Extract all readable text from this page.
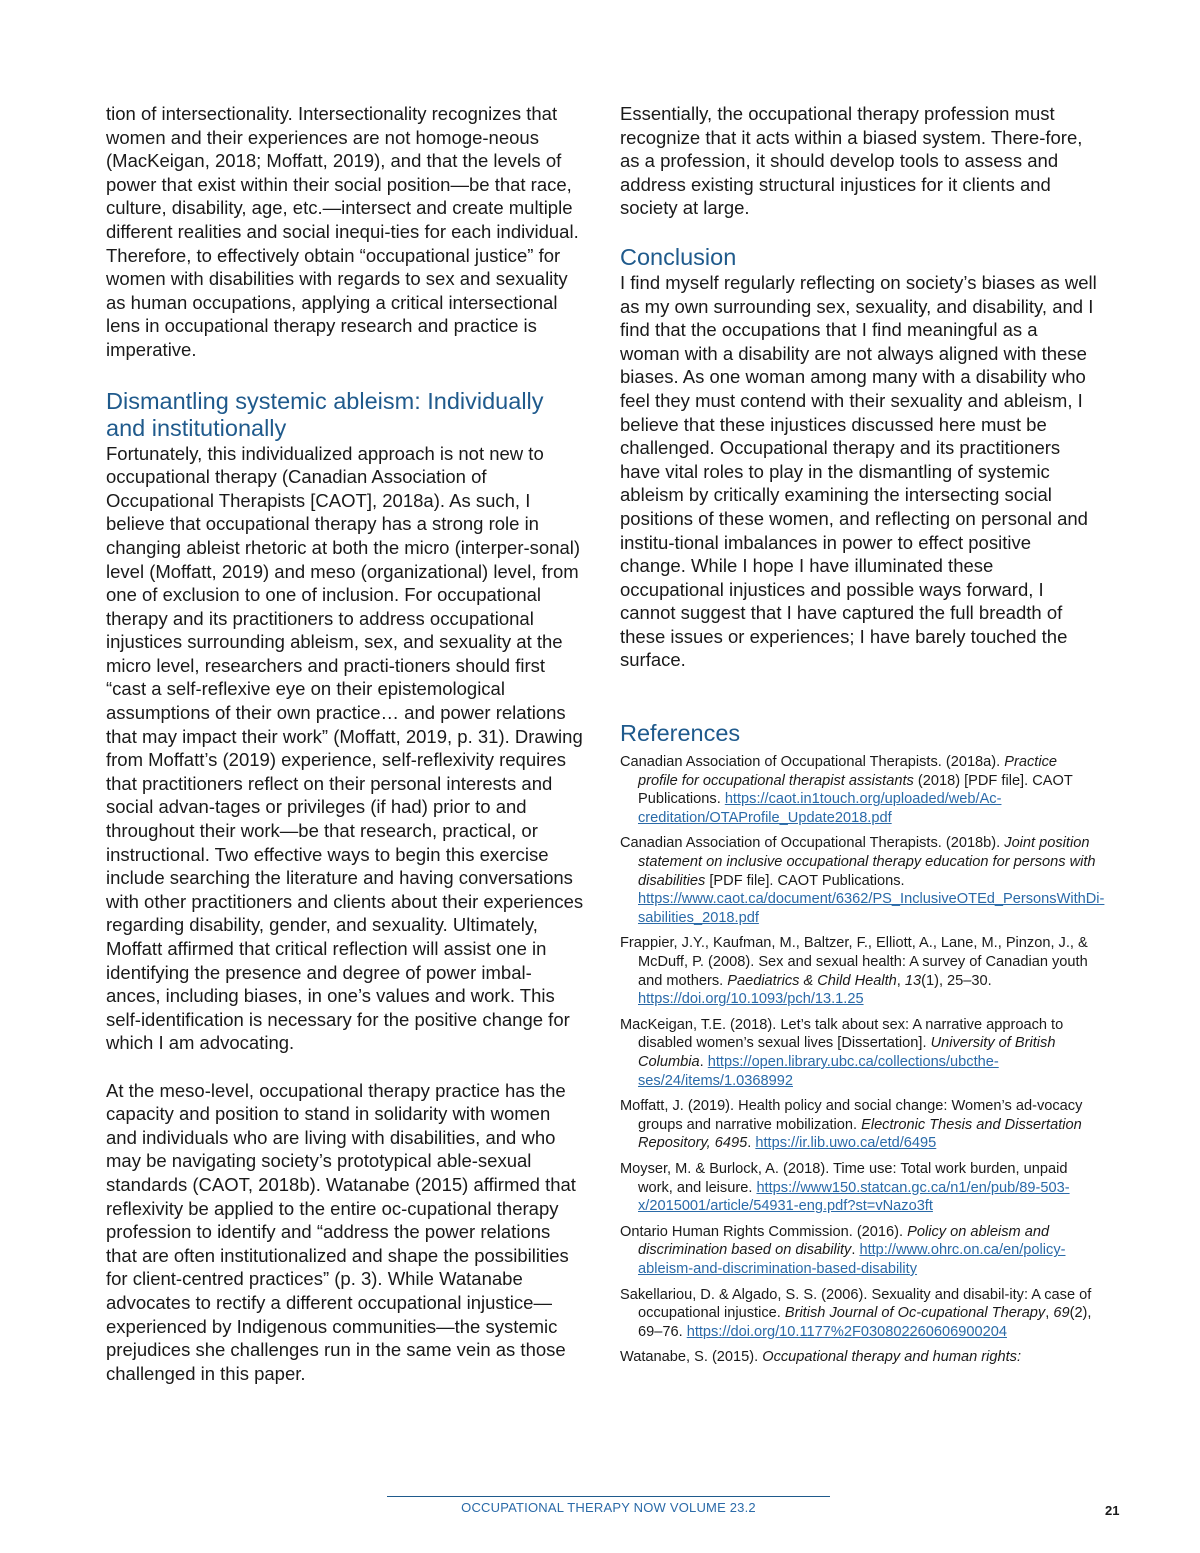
tion of intersectionality. Intersectionality recognizes that women and their experiences are not homoge-neous (MacKeigan, 2018; Moffatt, 2019), and that the levels of power that exist within their social position—be that race, culture, disability, age, etc.—intersect and create multiple different realities and social inequi-ties for each individual. Therefore, to effectively obtain “occupational justice” for women with disabilities with regards to sex and sexuality as human occupations, applying a critical intersectional lens in occupational therapy research and practice is imperative.

Dismantling systemic ableism: Individually and institutionally

Fortunately, this individualized approach is not new to occupational therapy (Canadian Association of Occupational Therapists [CAOT], 2018a). As such, I believe that occupational therapy has a strong role in changing ableist rhetoric at both the micro (interper-sonal) level (Moffatt, 2019) and meso (organizational) level, from one of exclusion to one of inclusion. For occupational therapy and its practitioners to address occupational injustices surrounding ableism, sex, and sexuality at the micro level, researchers and practi-tioners should first “cast a self-reflexive eye on their epistemological assumptions of their own practice… and power relations that may impact their work” (Moffatt, 2019, p. 31). Drawing from Moffatt’s (2019) experience, self-reflexivity requires that practitioners reflect on their personal interests and social advan-tages or privileges (if had) prior to and throughout their work—be that research, practical, or instructional. Two effective ways to begin this exercise include searching the literature and having conversations with other practitioners and clients about their experiences regarding disability, gender, and sexuality. Ultimately, Moffatt affirmed that critical reflection will assist one in identifying the presence and degree of power imbal-ances, including biases, in one’s values and work. This self-identification is necessary for the positive change for which I am advocating.

At the meso-level, occupational therapy practice has the capacity and position to stand in solidarity with women and individuals who are living with disabilities, and who may be navigating society’s prototypical able-sexual standards (CAOT, 2018b). Watanabe (2015) affirmed that reflexivity be applied to the entire oc-cupational therapy profession to identify and “address the power relations that are often institutionalized and shape the possibilities for client-centred practices” (p. 3). While Watanabe advocates to rectify a different occupational injustice—experienced by Indigenous communities—the systemic prejudices she challenges run in the same vein as those challenged in this paper.

Essentially, the occupational therapy profession must recognize that it acts within a biased system. There-fore, as a profession, it should develop tools to assess and address existing structural injustices for it clients and society at large.

Conclusion

I find myself regularly reflecting on society’s biases as well as my own surrounding sex, sexuality, and disability, and I find that the occupations that I find meaningful as a woman with a disability are not always aligned with these biases. As one woman among many with a disability who feel they must contend with their sexuality and ableism, I believe that these injustices discussed here must be challenged. Occupational therapy and its practitioners have vital roles to play in the dismantling of systemic ableism by critically examining the intersecting social positions of these women, and reflecting on personal and institu-tional imbalances in power to effect positive change. While I hope I have illuminated these occupational injustices and possible ways forward, I cannot suggest that I have captured the full breadth of these issues or experiences; I have barely touched the surface.

References

Canadian Association of Occupational Therapists. (2018a). Practice profile for occupational therapist assistants (2018) [PDF file]. CAOT Publications. https://caot.in1touch.org/uploaded/web/Ac-creditation/OTAProfile_Update2018.pdf

Canadian Association of Occupational Therapists. (2018b). Joint position statement on inclusive occupational therapy education for persons with disabilities [PDF file]. CAOT Publications. https://www.caot.ca/document/6362/PS_InclusiveOTEd_PersonsWithDi-sabilities_2018.pdf

Frappier, J.Y., Kaufman, M., Baltzer, F., Elliott, A., Lane, M., Pinzon, J., & McDuff, P. (2008). Sex and sexual health: A survey of Canadian youth and mothers. Paediatrics & Child Health, 13(1), 25–30. https://doi.org/10.1093/pch/13.1.25

MacKeigan, T.E. (2018). Let’s talk about sex: A narrative approach to disabled women’s sexual lives [Dissertation]. University of British Columbia. https://open.library.ubc.ca/collections/ubcthe-ses/24/items/1.0368992

Moffatt, J. (2019). Health policy and social change: Women’s ad-vocacy groups and narrative mobilization. Electronic Thesis and Dissertation Repository, 6495. https://ir.lib.uwo.ca/etd/6495

Moyser, M. & Burlock, A. (2018). Time use: Total work burden, unpaid work, and leisure. https://www150.statcan.gc.ca/n1/en/pub/89-503-x/2015001/article/54931-eng.pdf?st=vNazo3ft

Ontario Human Rights Commission. (2016). Policy on ableism and discrimination based on disability. http://www.ohrc.on.ca/en/policy-ableism-and-discrimination-based-disability

Sakellariou, D. & Algado, S. S. (2006). Sexuality and disabil-ity: A case of occupational injustice. British Journal of Oc-cupational Therapy, 69(2), 69–76. https://doi.org/10.1177%2F030802260606900204

Watanabe, S. (2015). Occupational therapy and human rights:

OCCUPATIONAL THERAPY NOW VOLUME 23.2	21
